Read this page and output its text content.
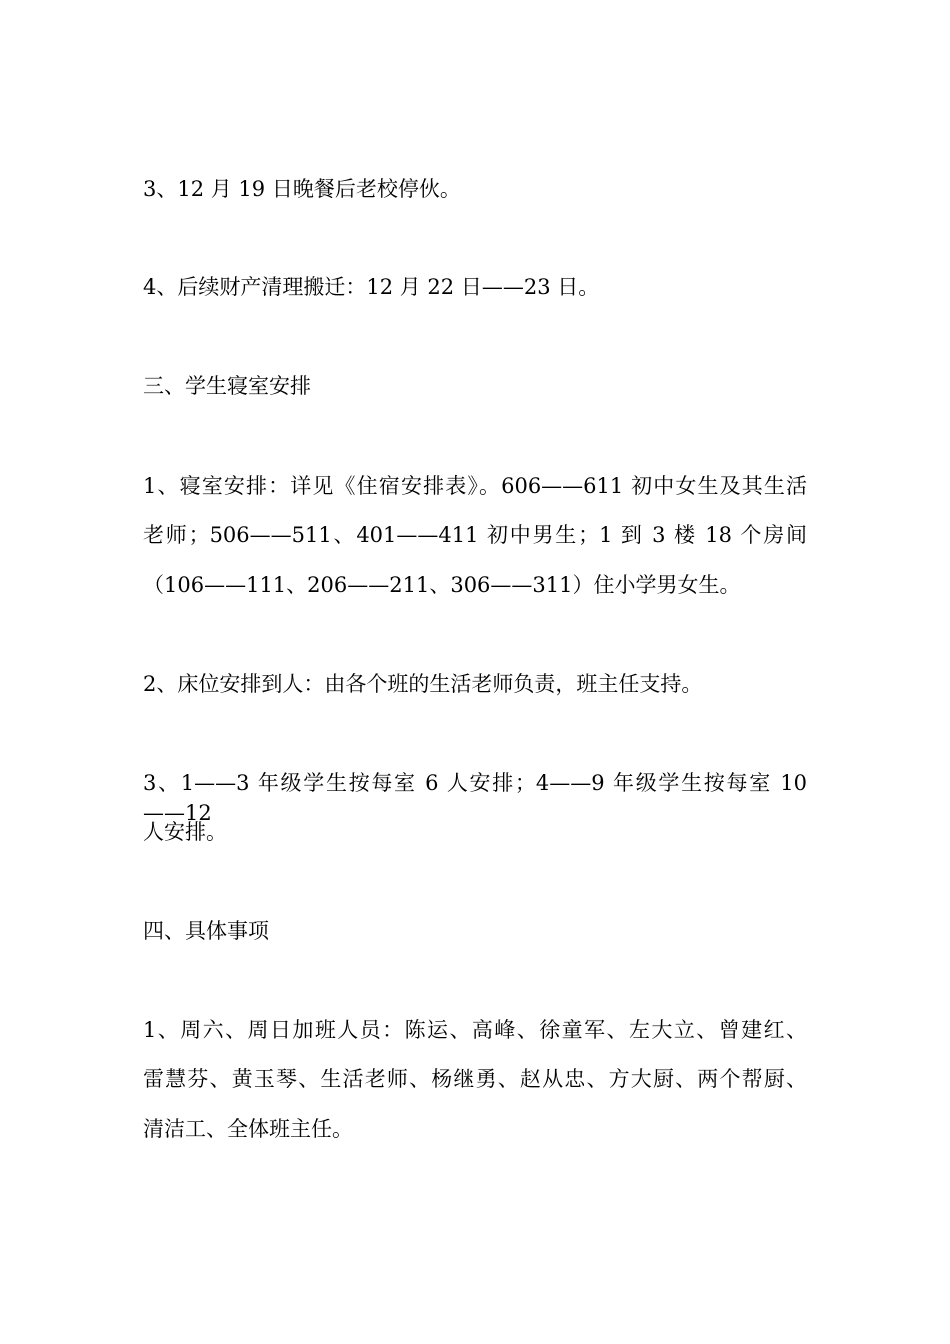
3、12 月 19 日晚餐后老校停伙。
4、后续财产清理搬迁：12 月 22 日——23 日。
三、学生寝室安排
1、寝室安排：详见《住宿安排表》。606——611 初中女生及其生活
老师；506——511、401——411 初中男生；1 到 3 楼 18 个房间
（106——111、206——211、306——311）住小学男女生。
2、床位安排到人：由各个班的生活老师负责，班主任支持。
3、1——3 年级学生按每室 6 人安排；4——9 年级学生按每室 10——12
人安排。
四、具体事项
1、周六、周日加班人员：陈运、高峰、徐童军、左大立、曾建红、
雷慧芬、黄玉琴、生活老师、杨继勇、赵从忠、方大厨、两个帮厨、
清洁工、全体班主任。
